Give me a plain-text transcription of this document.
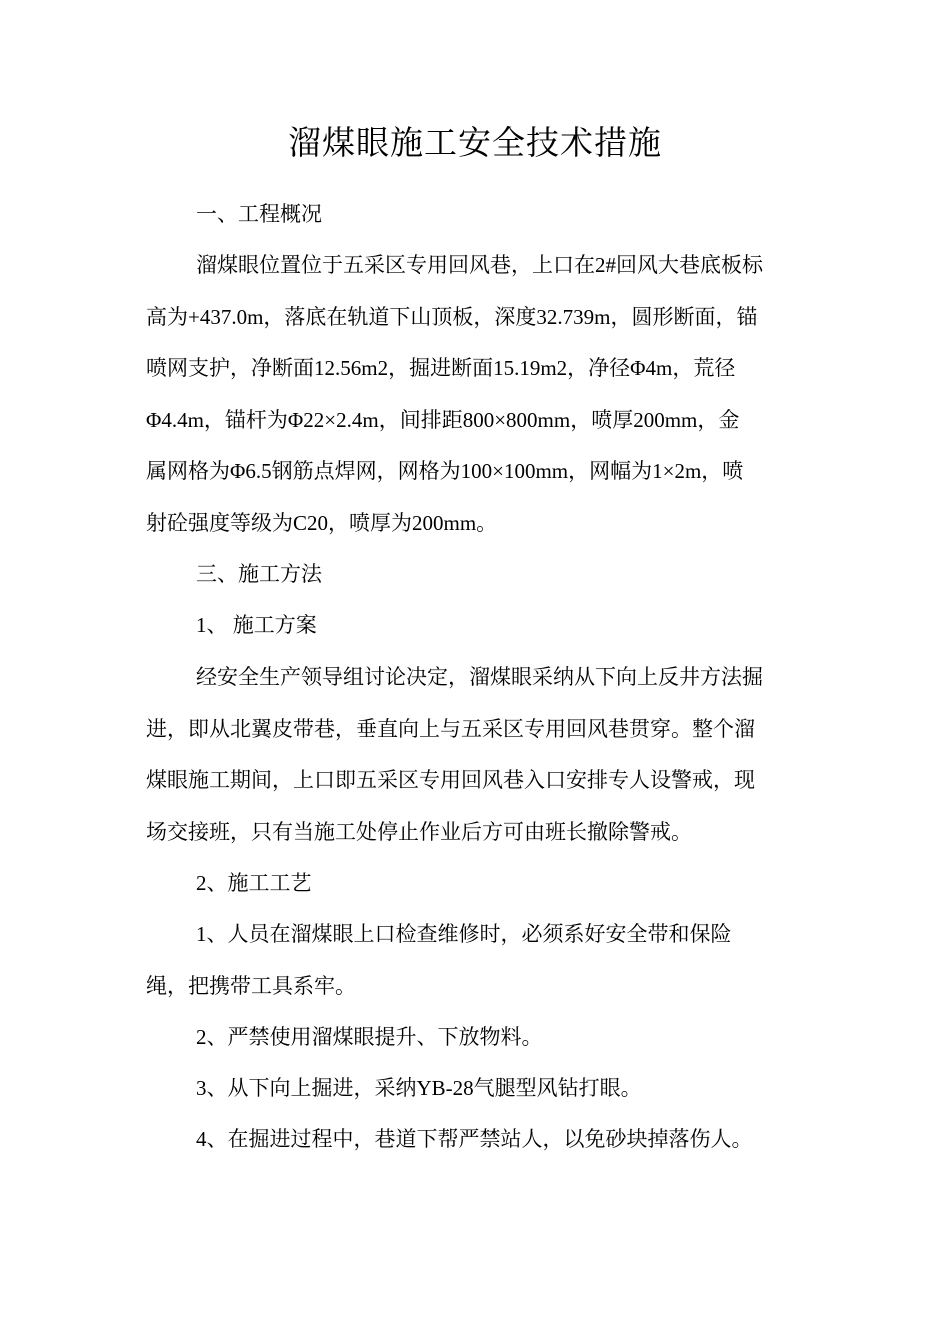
溜煤眼施工安全技术措施
一、工程概况
溜煤眼位置位于五采区专用回风巷，上口在2#回风大巷底板标
高为+437.0m，落底在轨道下山顶板，深度32.739m，圆形断面，锚
喷网支护，净断面12.56m2，掘进断面15.19m2，净径Φ4m，荒径
Φ4.4m，锚杆为Φ22×2.4m，间排距800×800mm，喷厚200mm，金
属网格为Φ6.5钢筋点焊网，网格为100×100mm，网幅为1×2m，喷
射砼强度等级为C20，喷厚为200mm。
三、施工方法
1、 施工方案
经安全生产领导组讨论决定，溜煤眼采纳从下向上反井方法掘
进，即从北翼皮带巷，垂直向上与五采区专用回风巷贯穿。整个溜
煤眼施工期间，上口即五采区专用回风巷入口安排专人设警戒，现
场交接班，只有当施工处停止作业后方可由班长撤除警戒。
2、施工工艺
1、人员在溜煤眼上口检查维修时，必须系好安全带和保险
绳，把携带工具系牢。
2、严禁使用溜煤眼提升、下放物料。
3、从下向上掘进，采纳YB-28气腿型风钻打眼。
4、在掘进过程中，巷道下帮严禁站人，以免砂块掉落伤人。
